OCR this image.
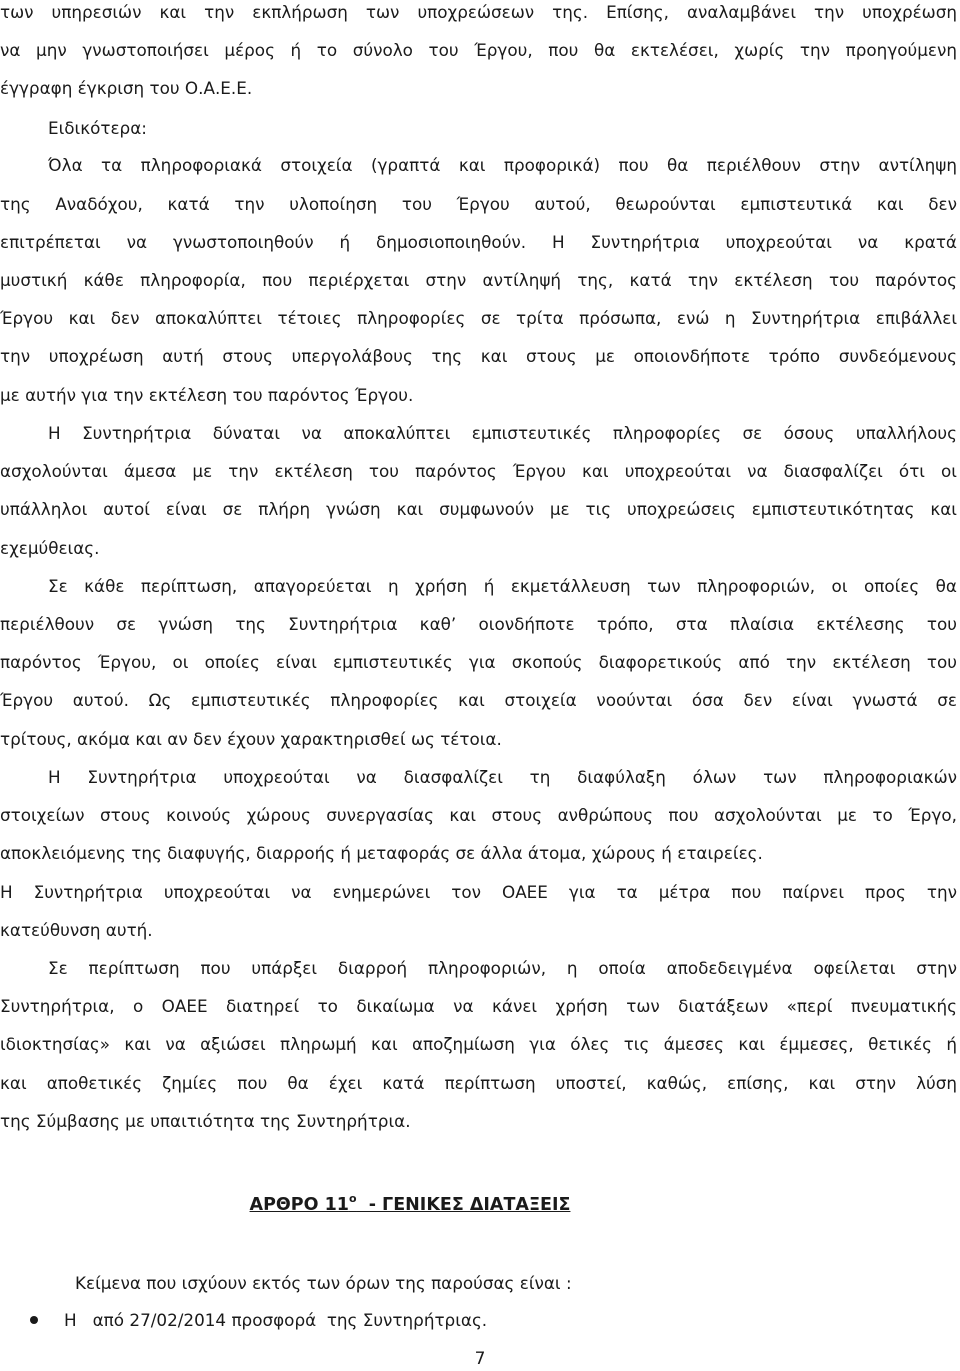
των υπηρεσιών και την εκπλήρωση των υποχρεώσεων της. Επίσης, αναλαμβάνει την υποχρέωση
να μην γνωστοποιήσει μέρος ή το σύνολο του Έργου, που θα εκτελέσει, χωρίς την προηγούμενη
έγγραφη έγκριση του Ο.Α.Ε.Ε.
Ειδικότερα:
Όλα τα πληροφοριακά στοιχεία (γραπτά και προφορικά) που θα περιέλθουν στην αντίληψη
της Αναδόχου, κατά την υλοποίηση του Έργου αυτού, θεωρούνται εμπιστευτικά και δεν
επιτρέπεται να γνωστοποιηθούν ή δημοσιοποιηθούν. Η Συντηρήτρια υποχρεούται να κρατά
μυστική κάθε πληροφορία, που περιέρχεται στην αντίληψή της, κατά την εκτέλεση του παρόντος
Έργου και δεν αποκαλύπτει τέτοιες πληροφορίες σε τρίτα πρόσωπα, ενώ η Συντηρήτρια επιβάλλει
την υποχρέωση αυτή στους υπεργολάβους της και στους με οποιονδήποτε τρόπο συνδεόμενους
με αυτήν για την εκτέλεση του παρόντος Έργου.
Η Συντηρήτρια δύναται να αποκαλύπτει εμπιστευτικές πληροφορίες σε όσους υπαλλήλους
ασχολούνται άμεσα με την εκτέλεση του παρόντος Έργου και υποχρεούται να διασφαλίζει ότι οι
υπάλληλοι αυτοί είναι σε πλήρη γνώση και συμφωνούν με τις υποχρεώσεις εμπιστευτικότητας και
εχεμύθειας.
Σε κάθε περίπτωση, απαγορεύεται η χρήση ή εκμετάλλευση των πληροφοριών, οι οποίες θα
περιέλθουν σε γνώση της Συντηρήτρια καθ’ οιονδήποτε τρόπο, στα πλαίσια εκτέλεσης του
παρόντος Έργου, οι οποίες είναι εμπιστευτικές για σκοπούς διαφορετικούς από την εκτέλεση του
Έργου αυτού. Ως εμπιστευτικές πληροφορίες και στοιχεία νοούνται όσα δεν είναι γνωστά σε
τρίτους, ακόμα και αν δεν έχουν χαρακτηρισθεί ως τέτοια.
Η Συντηρήτρια υποχρεούται να διασφαλίζει τη διαφύλαξη όλων των πληροφοριακών
στοιχείων στους κοινούς χώρους συνεργασίας και στους ανθρώπους που ασχολούνται με το Έργο,
αποκλειόμενης της διαφυγής, διαρροής ή μεταφοράς σε άλλα άτομα, χώρους ή εταιρείες.
Η Συντηρήτρια υποχρεούται να ενημερώνει τον ΟΑΕΕ για τα μέτρα που παίρνει προς την
κατεύθυνση αυτή.
Σε περίπτωση που υπάρξει διαρροή πληροφοριών, η οποία αποδεδειγμένα οφείλεται στην
Συντηρήτρια, ο ΟΑΕΕ διατηρεί το δικαίωμα να κάνει χρήση των διατάξεων «περί πνευματικής
ιδιοκτησίας» και να αξιώσει πληρωμή και αποζημίωση για όλες τις άμεσες και έμμεσες, θετικές ή
και αποθετικές ζημίες που θα έχει κατά περίπτωση υποστεί, καθώς, επίσης, και στην λύση
της Σύμβασης με υπαιτιότητα της Συντηρήτρια.
ΑΡΘΡΟ $11^o$  - ΓΕΝΙΚΕΣ ΔΙΑΤΑΞΕΙΣ
Κείμενα που ισχύουν εκτός των όρων της παρούσας είναι :
Η   από 27/02/2014 προσφορά  της Συντηρήτριας.
7
